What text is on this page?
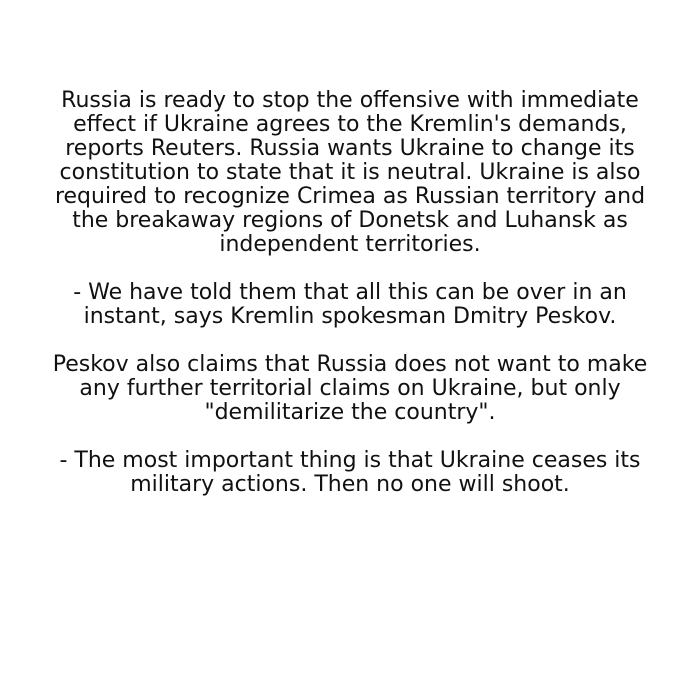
Russia is ready to stop the offensive with immediate
effect if Ukraine agrees to the Kremlin's demands,
reports Reuters. Russia wants Ukraine to change its
constitution to state that it is neutral. Ukraine is also
required to recognize Crimea as Russian territory and
the breakaway regions of Donetsk and Luhansk as
independent territories.

- We have told them that all this can be over in an
instant, says Kremlin spokesman Dmitry Peskov.

Peskov also claims that Russia does not want to make
any further territorial claims on Ukraine, but only
"demilitarize the country".

- The most important thing is that Ukraine ceases its
military actions. Then no one will shoot.
